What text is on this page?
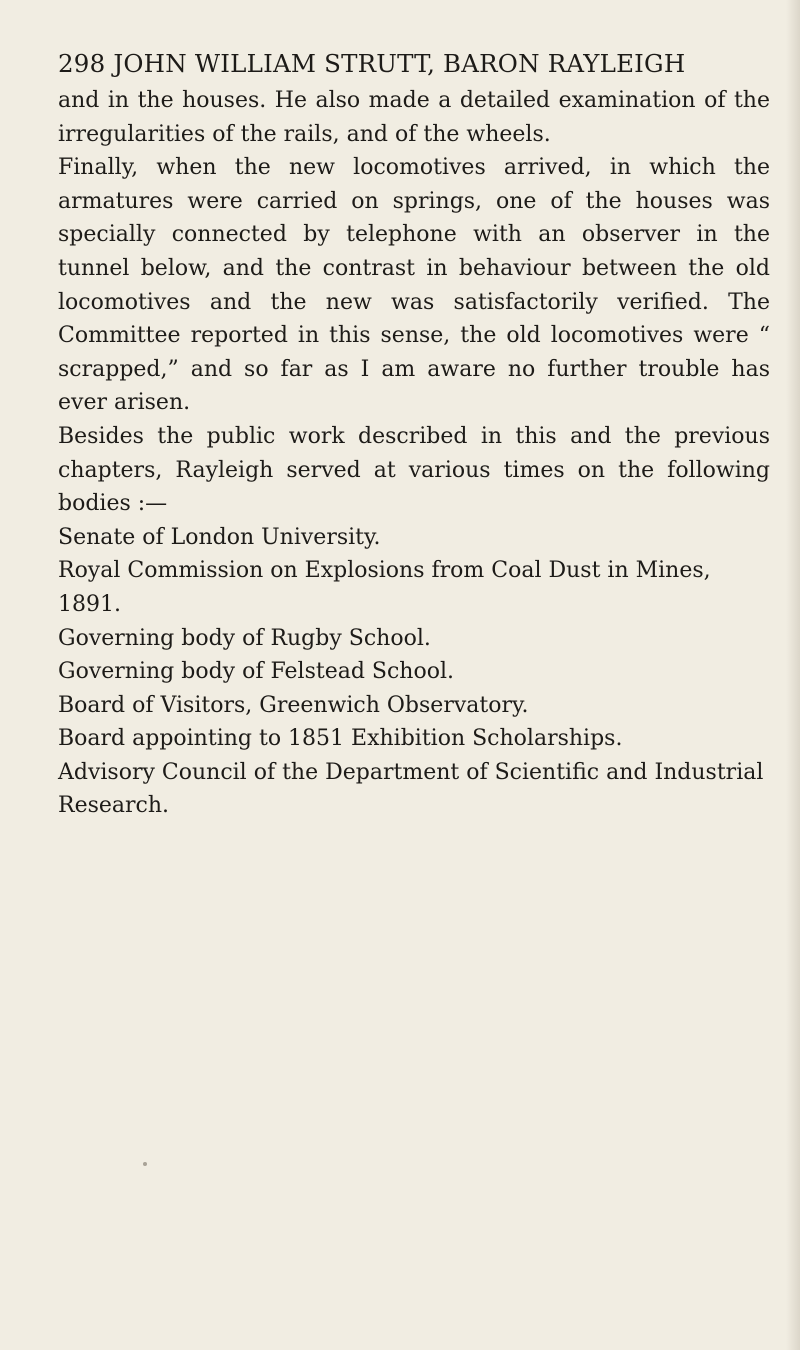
298 JOHN WILLIAM STRUTT, BARON RAYLEIGH

and in the houses. He also made a detailed examination of the irregularities of the rails, and of the wheels.

Finally, when the new locomotives arrived, in which the armatures were carried on springs, one of the houses was specially connected by telephone with an observer in the tunnel below, and the contrast in behaviour between the old locomotives and the new was satisfactorily verified. The Committee reported in this sense, the old locomotives were “ scrapped,” and so far as I am aware no further trouble has ever arisen.

Besides the public work described in this and the previous chapters, Rayleigh served at various times on the following bodies :—

Senate of London University.

Royal Commission on Explosions from Coal Dust in Mines, 1891.

Governing body of Rugby School.

Governing body of Felstead School.

Board of Visitors, Greenwich Observatory.

Board appointing to 1851 Exhibition Scholarships.

Advisory Council of the Department of Scientific and Industrial Research.
